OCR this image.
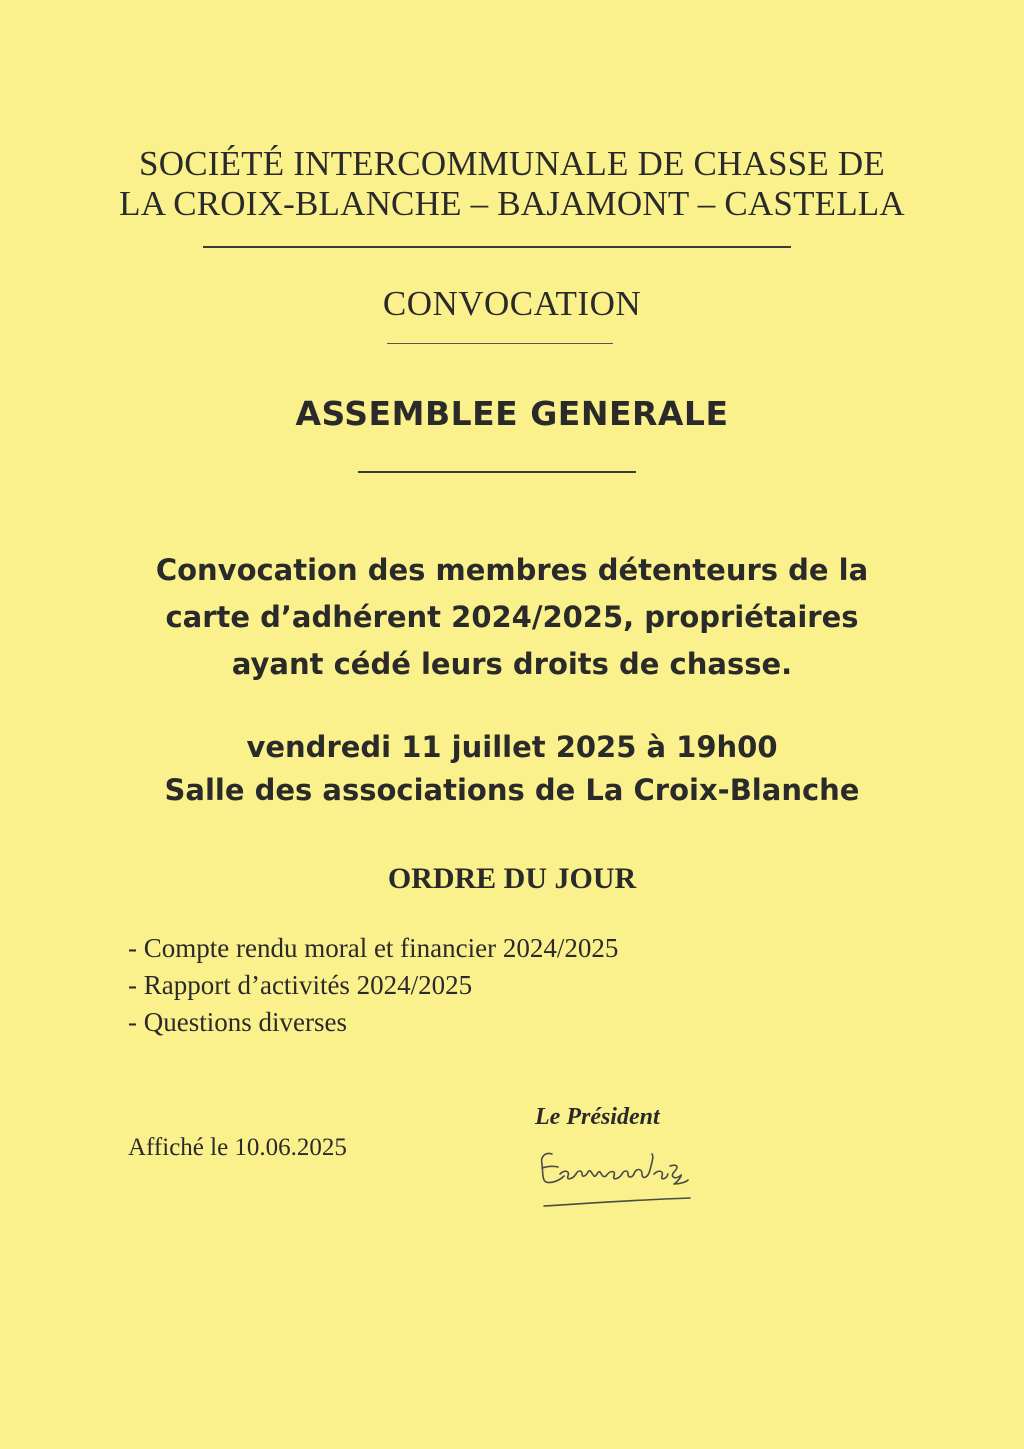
SOCIÉTÉ INTERCOMMUNALE DE CHASSE DE
LA CROIX-BLANCHE – BAJAMONT – CASTELLA
CONVOCATION
ASSEMBLEE GENERALE
Convocation des membres détenteurs de la
carte d’adhérent 2024/2025, propriétaires
ayant cédé leurs droits de chasse.
vendredi 11 juillet 2025 à 19h00
Salle des associations de La Croix-Blanche
ORDRE DU JOUR
- Compte rendu moral et financier 2024/2025
- Rapport d’activités 2024/2025
- Questions diverses
Affiché le 10.06.2025
Le Président
